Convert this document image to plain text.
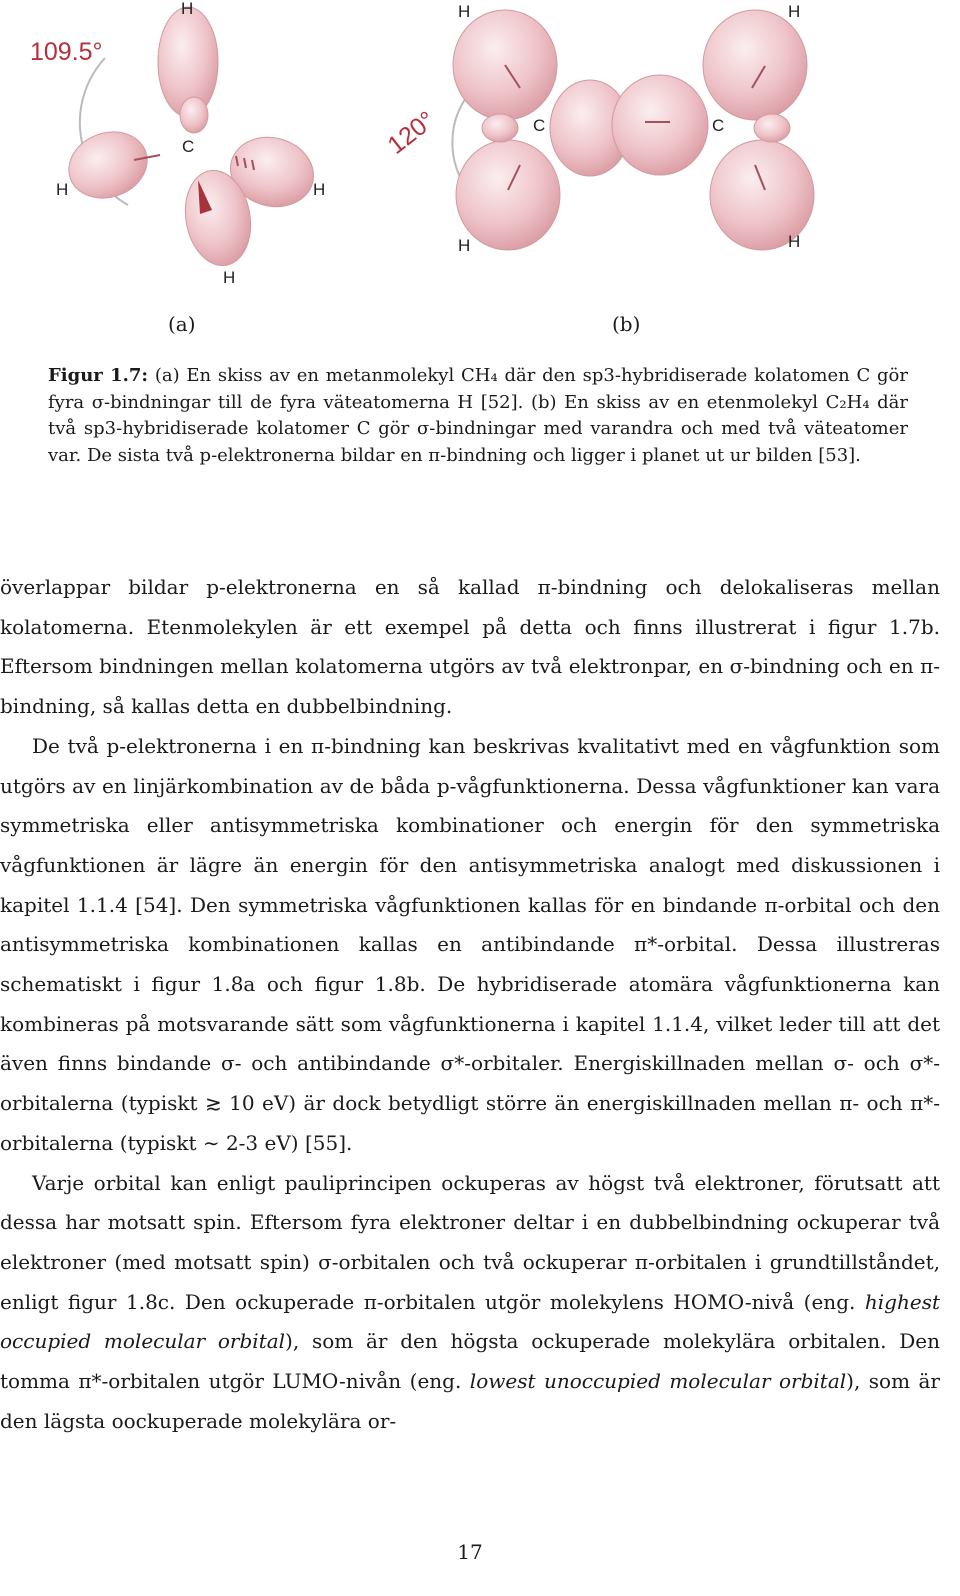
H
H	H
H
C
109.5°
H	H
C	C
H	H
120°
(a)	(b)
Figur 1.7: (a) En skiss av en metanmolekyl CH₄ där den sp3-hybridiserade kolatomen C gör fyra σ-bindningar till de fyra väteatomerna H [52]. (b) En skiss av en etenmolekyl C₂H₄ där två sp3-hybridiserade kolatomer C gör σ-bindningar med varandra och med två väteatomer var. De sista två p-elektronerna bildar en π-bindning och ligger i planet ut ur bilden [53].

överlappar bildar p-elektronerna en så kallad π-bindning och delokaliseras mellan kolatomerna. Etenmolekylen är ett exempel på detta och finns illustrerat i figur 1.7b. Eftersom bindningen mellan kolatomerna utgörs av två elektronpar, en σ-bindning och en π-bindning, så kallas detta en dubbelbindning.

De två p-elektronerna i en π-bindning kan beskrivas kvalitativt med en vågfunktion som utgörs av en linjärkombination av de båda p-vågfunktionerna. Dessa vågfunktioner kan vara symmetriska eller antisymmetriska kombinationer och energin för den symmetriska vågfunktionen är lägre än energin för den antisymmetriska analogt med diskussionen i kapitel 1.1.4 [54]. Den symmetriska vågfunktionen kallas för en bindande π-orbital och den antisymmetriska kombinationen kallas en antibindande π*-orbital. Dessa illustreras schematiskt i figur 1.8a och figur 1.8b. De hybridiserade atomära vågfunktionerna kan kombineras på motsvarande sätt som vågfunktionerna i kapitel 1.1.4, vilket leder till att det även finns bindande σ- och antibindande σ*-orbitaler. Energiskillnaden mellan σ- och σ*-orbitalerna (typiskt ≳ 10 eV) är dock betydligt större än energiskillnaden mellan π- och π*-orbitalerna (typiskt ∼ 2-3 eV) [55].

Varje orbital kan enligt pauliprincipen ockuperas av högst två elektroner, förutsatt att dessa har motsatt spin. Eftersom fyra elektroner deltar i en dubbelbindning ockuperar två elektroner (med motsatt spin) σ-orbitalen och två ockuperar π-orbitalen i grundtillståndet, enligt figur 1.8c. Den ockuperade π-orbitalen utgör molekylens HOMO-nivå (eng. highest occupied molecular orbital), som är den högsta ockuperade molekylära orbitalen. Den tomma π*-orbitalen utgör LUMO-nivån (eng. lowest unoccupied molecular orbital), som är den lägsta oockuperade molekylära or-

17
